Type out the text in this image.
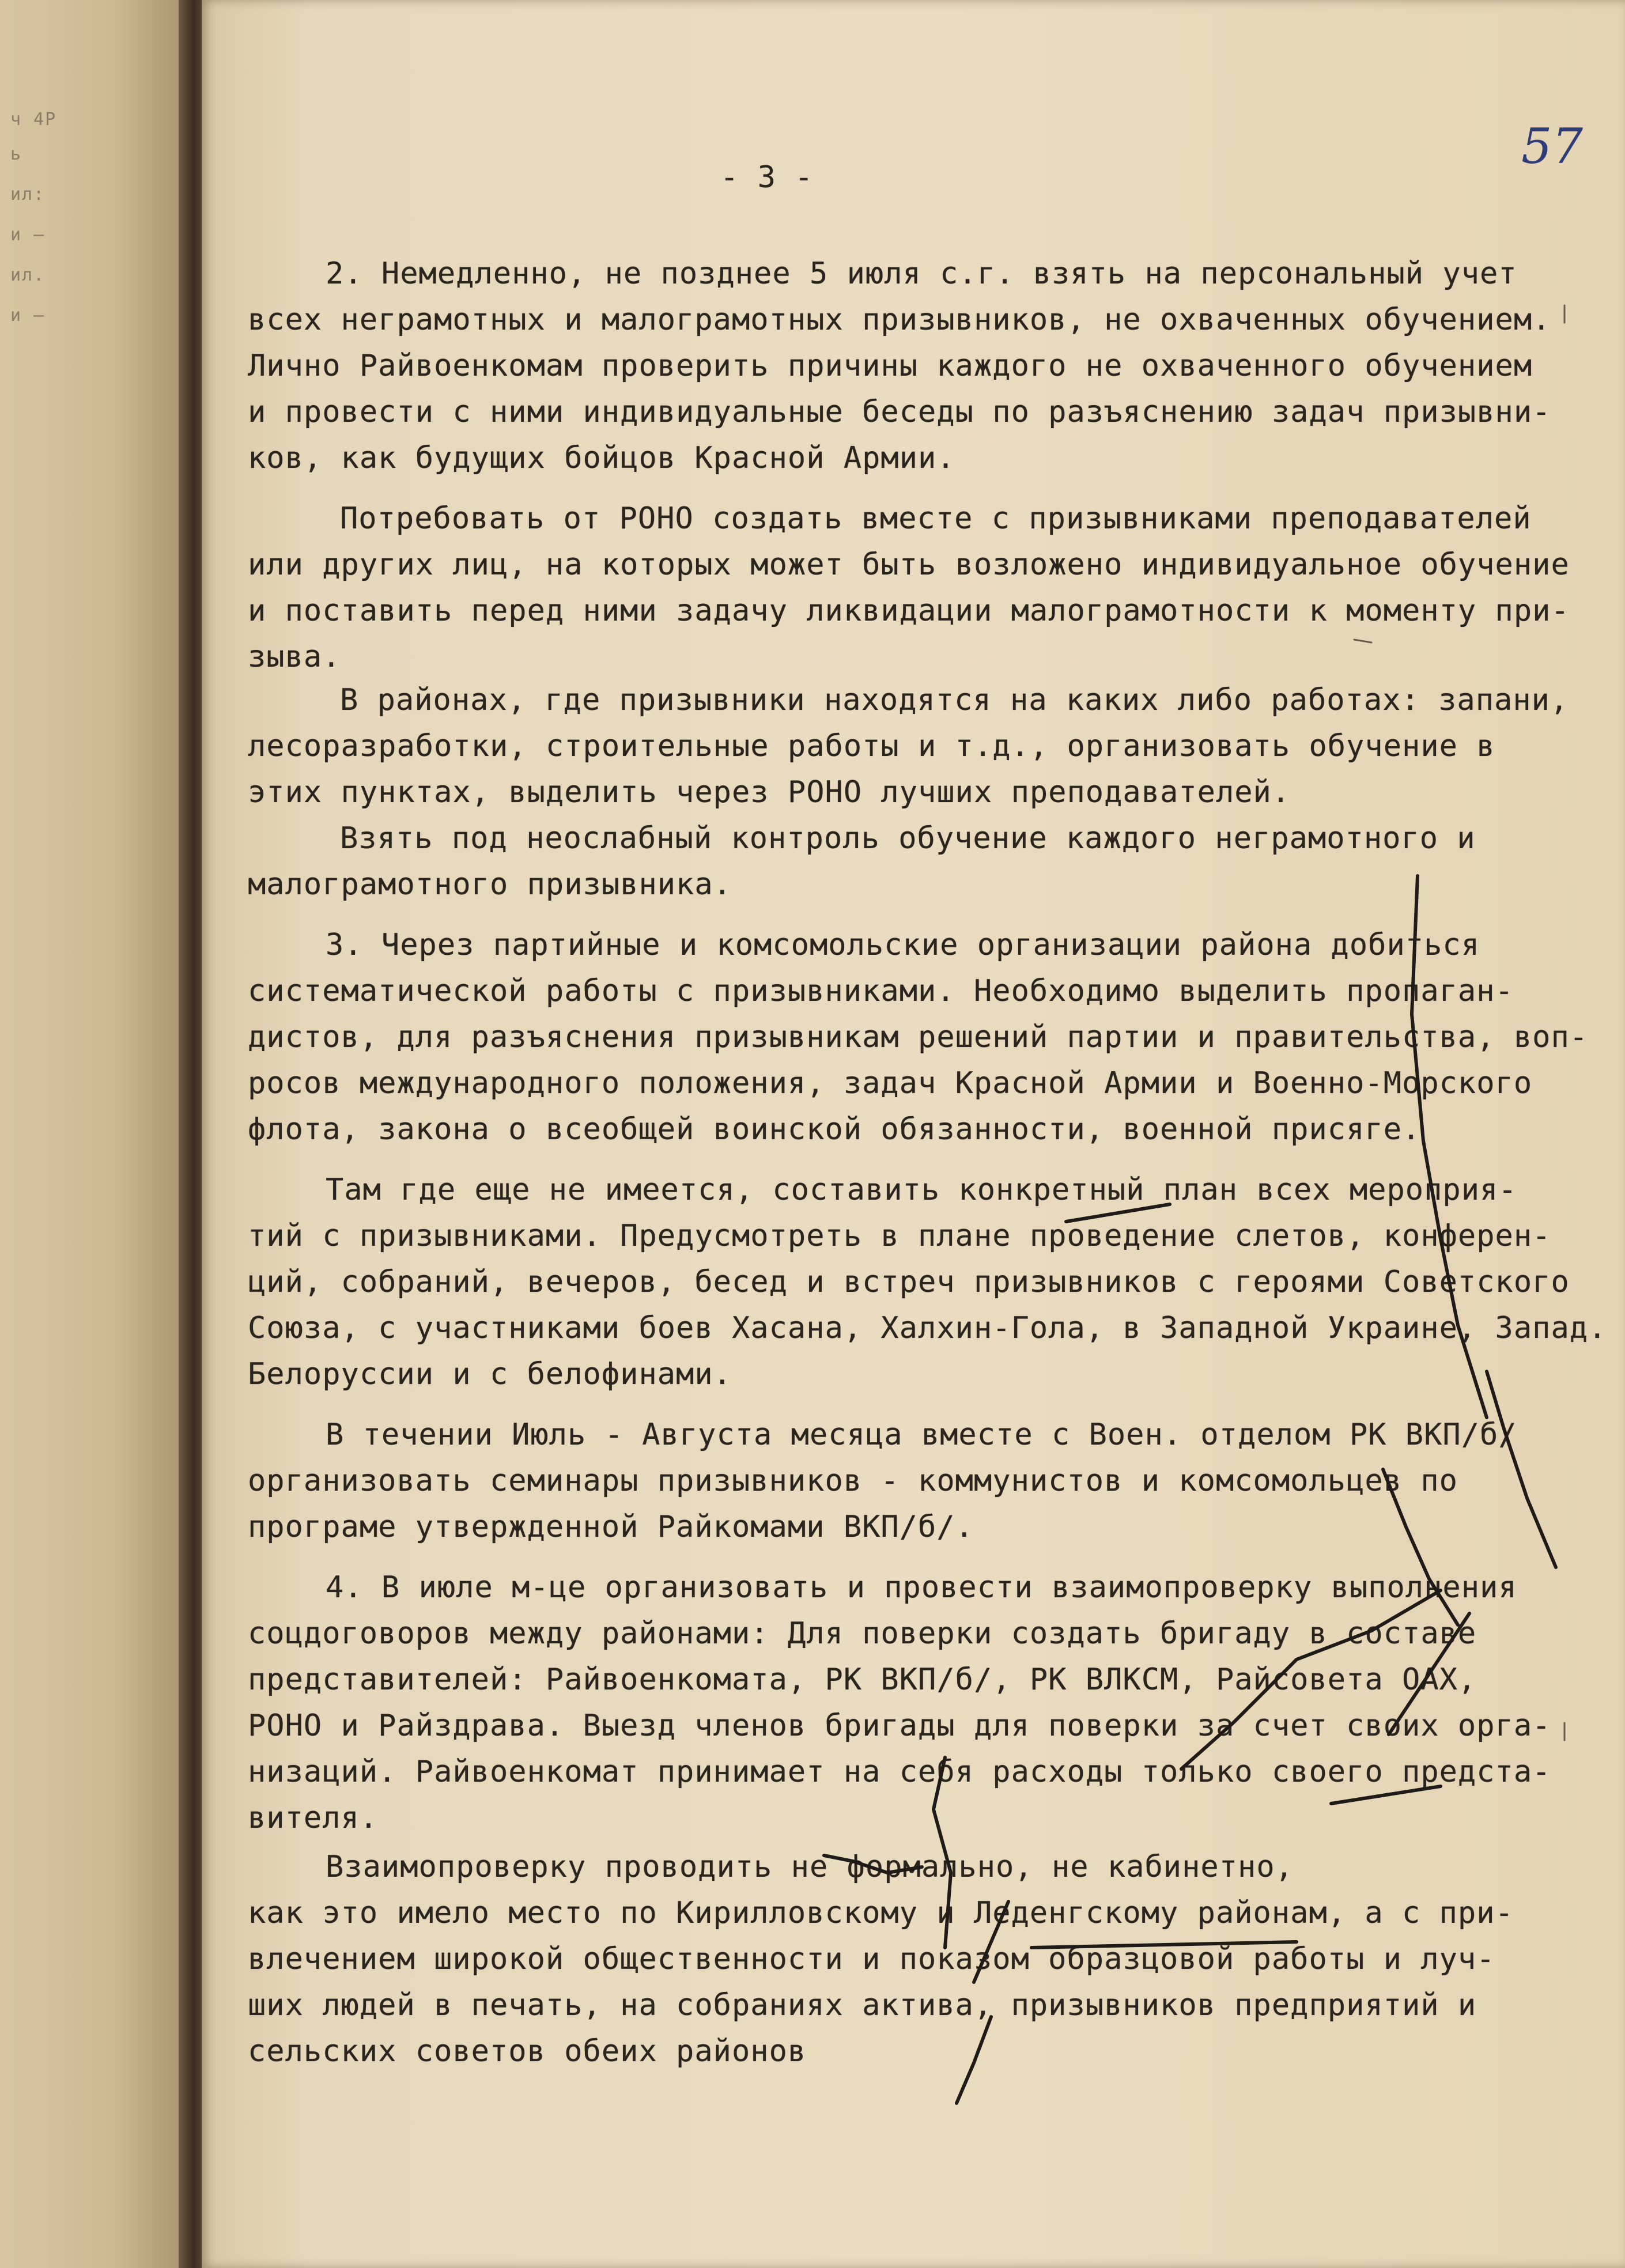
ч 4Р
ь
ил:
и –
ил.
и –
57
- 3 -
2. Немедленно, не позднее 5 июля с.г. взять на персональный учет
всех неграмотных и малограмотных призывников, не охваченных обучением.
Лично Райвоенкомам проверить причины каждого не охваченного обучением
и провести с ними индивидуальные беседы по разъяснению задач призывни-
ков, как будущих бойцов Красной Армии.
Потребовать от РОНО создать вместе с призывниками преподавателей
или других лиц, на которых может быть возложено индивидуальное обучение
и поставить перед ними задачу ликвидации малограмотности к моменту при-
зыва.
В районах, где призывники находятся на каких либо работах: запани,
лесоразработки, строительные работы и т.д., организовать обучение в
этих пунктах, выделить через РОНО лучших преподавателей.
Взять под неослабный контроль обучение каждого неграмотного и
малограмотного призывника.
3. Через партийные и комсомольские организации района добиться
систематической работы с призывниками. Необходимо выделить пропаган-
дистов, для разъяснения призывникам решений партии и правительства, воп-
росов международного положения, задач Красной Армии и Военно-Морского
флота, закона о всеобщей воинской обязанности, военной присяге.
Там где еще не имеется, составить конкретный план всех мероприя-
тий с призывниками. Предусмотреть в плане проведение слетов, конферен-
ций, собраний, вечеров, бесед и встреч призывников с героями Советского
Союза, с участниками боев Хасана, Халхин-Гола, в Западной Украине, Запад.
Белоруссии и с белофинами.
В течении Июль - Августа месяца вместе с Воен. отделом РК ВКП/б/
организовать семинары призывников - коммунистов и комсомольцев по
програме утвержденной Райкомами ВКП/б/.
4. В июле м-це организовать и провести взаимопроверку выполнения
соцдоговоров между районами: Для поверки создать бригаду в составе
представителей: Райвоенкомата, РК ВКП/б/, РК ВЛКСМ, Райсовета ОАХ,
РОНО и Райздрава. Выезд членов бригады для поверки за счет своих орга-
низаций. Райвоенкомат принимает на себя расходы только своего предста-
вителя.
Взаимопроверку проводить не формально, не кабинетно,
как это имело место по Кирилловскому и Леденгскому районам, а с при-
влечением широкой общественности и показом образцовой работы и луч-
ших людей в печать, на собраниях актива, призывников предприятий и
сельских советов обеих районов
